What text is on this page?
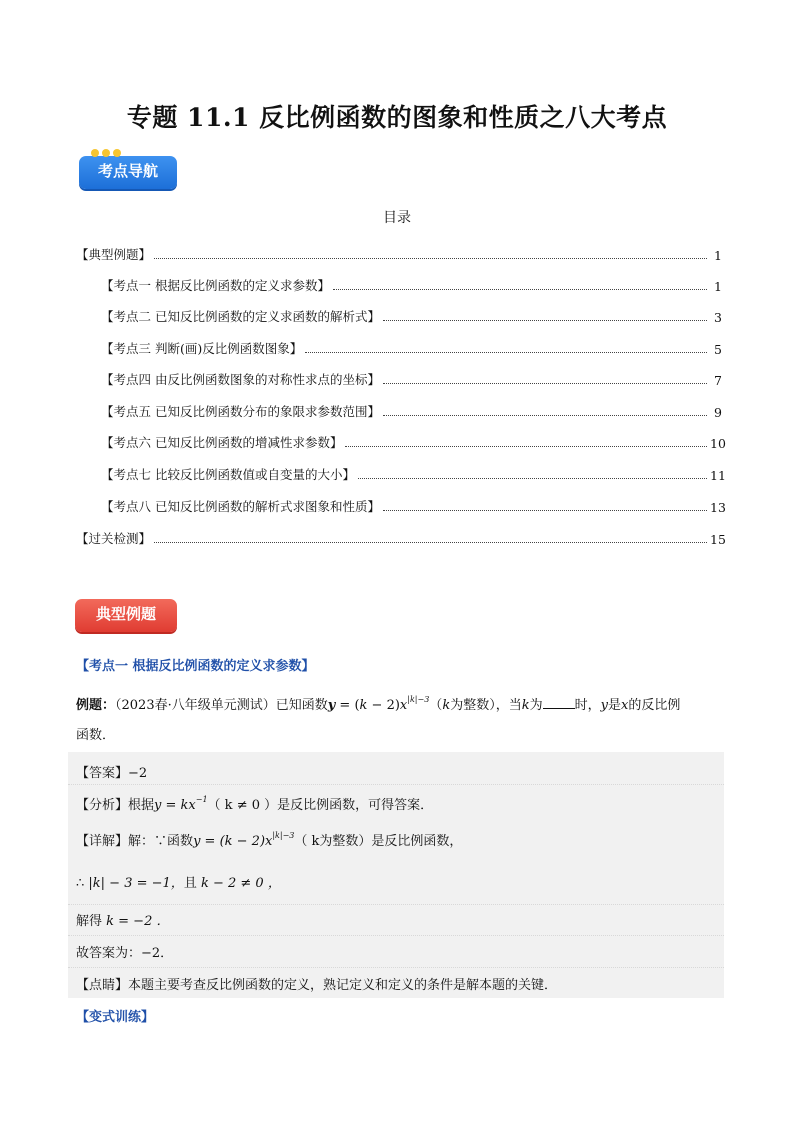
专题 11.1 反比例函数的图象和性质之八大考点
考点导航
目录
【典型例题】	1
【考点一 根据反比例函数的定义求参数】	1
【考点二 已知反比例函数的定义求函数的解析式】	3
【考点三 判断(画)反比例函数图象】	5
【考点四 由反比例函数图象的对称性求点的坐标】	7
【考点五 已知反比例函数分布的象限求参数范围】	9
【考点六 已知反比例函数的增减性求参数】	10
【考点七 比较反比例函数值或自变量的大小】	11
【考点八 已知反比例函数的解析式求图象和性质】	13
【过关检测】	15
典型例题
【考点一 根据反比例函数的定义求参数】
例题：（2023春·八年级单元测试）已知函数$y = (k - 2)x^{|k|-3}(k$为整数），当k为 时，y是x的反比例
函数．
【答案】−2
【分析】根据$y = kx^{-1}$（ k ≠ 0 ）是反比例函数，可得答案．
【详解】解：∵函数$y = (k - 2)x^{|k|-3}$（ k为整数）是反比例函数，
∴ |k| − 3 = −1，且 k − 2 ≠ 0 ，
解得 k = −2 ．
故答案为：−2．
【点睛】本题主要考查反比例函数的定义，熟记定义和定义的条件是解本题的关键．
【变式训练】
